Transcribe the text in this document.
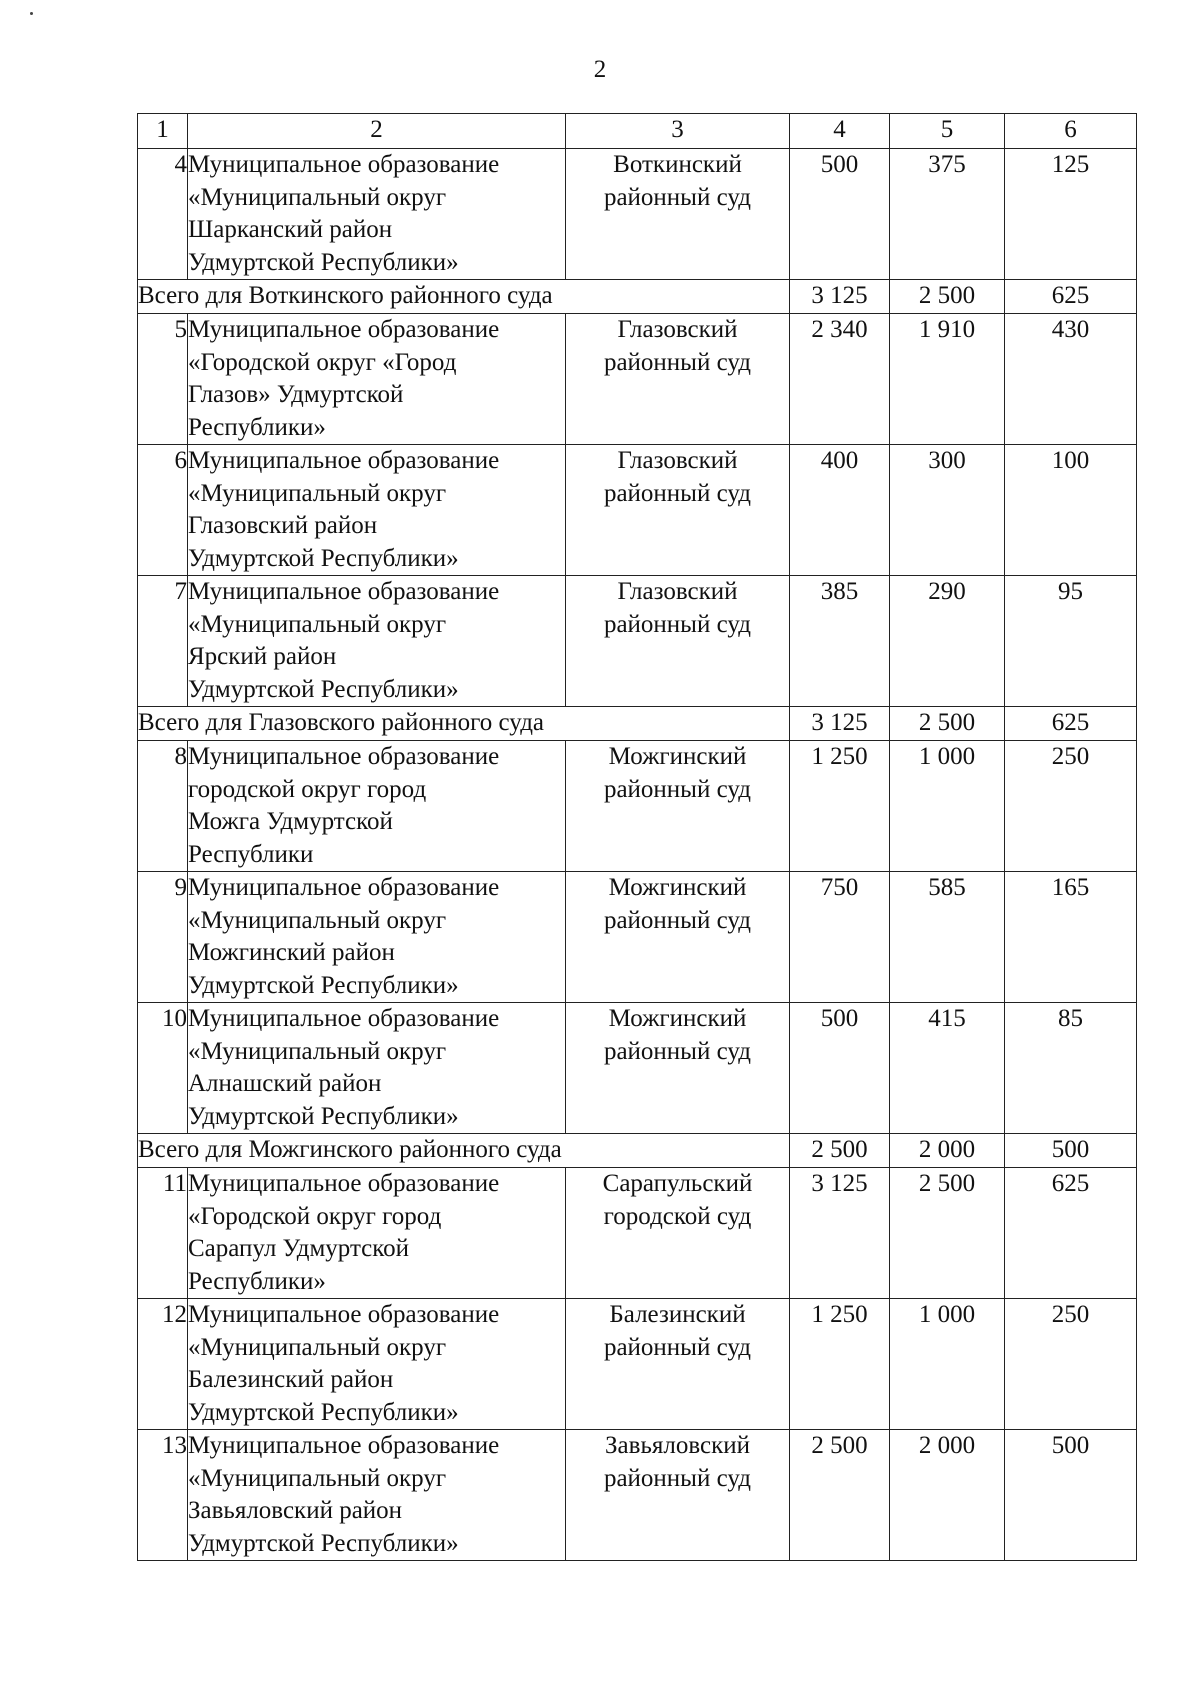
2
1	2	3	4	5	6
4	Муниципальное образование
«Муниципальный округ
Шарканский район
Удмуртской Республики»	Воткинский
районный суд	500	375	125
Всего для Воткинского районного суда			3 125	2 500	625
5	Муниципальное образование
«Городской округ «Город
Глазов» Удмуртской
Республики»	Глазовский
районный суд	2 340	1 910	430
6	Муниципальное образование
«Муниципальный округ
Глазовский район
Удмуртской Республики»	Глазовский
районный суд	400	300	100
7	Муниципальное образование
«Муниципальный округ
Ярский район
Удмуртской Республики»	Глазовский
районный суд	385	290	95
Всего для Глазовского районного суда			3 125	2 500	625
8	Муниципальное образование
городской округ город
Можга Удмуртской
Республики	Можгинский
районный суд	1 250	1 000	250
9	Муниципальное образование
«Муниципальный округ
Можгинский район
Удмуртской Республики»	Можгинский
районный суд	750	585	165
10	Муниципальное образование
«Муниципальный округ
Алнашский район
Удмуртской Республики»	Можгинский
районный суд	500	415	85
Всего для Можгинского районного суда			2 500	2 000	500
11	Муниципальное образование
«Городской округ город
Сарапул Удмуртской
Республики»	Сарапульский
городской суд	3 125	2 500	625
12	Муниципальное образование
«Муниципальный округ
Балезинский район
Удмуртской Республики»	Балезинский
районный суд	1 250	1 000	250
13	Муниципальное образование
«Муниципальный округ
Завьяловский район
Удмуртской Республики»	Завьяловский
районный суд	2 500	2 000	500
